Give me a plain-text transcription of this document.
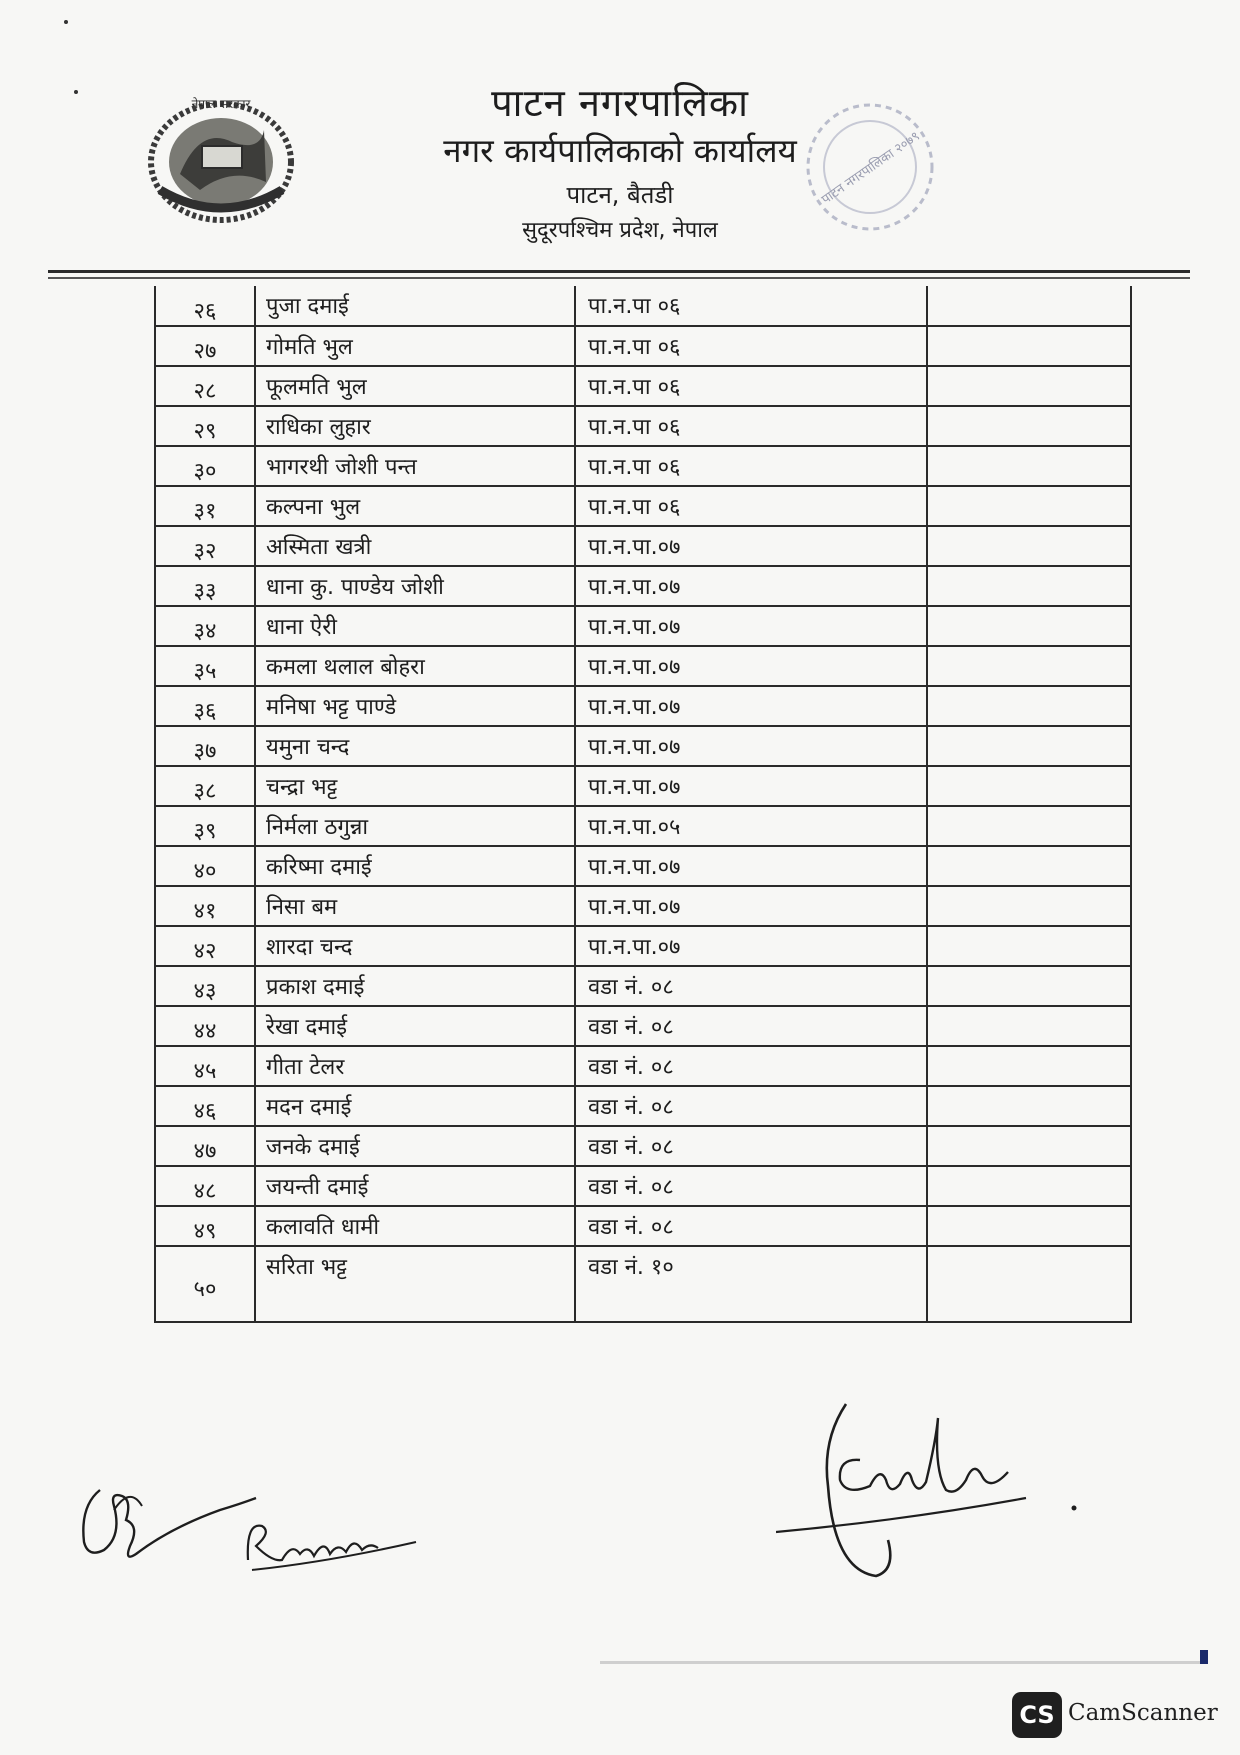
नेपाल सरकार	पाटन नगरपालिका
नगर कार्यपालिकाको कार्यालय
पाटन, बैतडी
सुदूरपश्चिम प्रदेश, नेपाल
पाटन नगरपालिका २०७९
२६	पुजा दमाई	पा.न.पा ०६	
२७	गोमति भुल	पा.न.पा ०६	
२८	फूलमति भुल	पा.न.पा ०६	
२९	राधिका लुहार	पा.न.पा ०६	
३०	भागरथी जोशी पन्त	पा.न.पा ०६	
३१	कल्पना भुल	पा.न.पा ०६	
३२	अस्मिता खत्री	पा.न.पा.०७	
३३	धाना कु. पाण्डेय जोशी	पा.न.पा.०७	
३४	धाना ऐरी	पा.न.पा.०७	
३५	कमला थलाल बोहरा	पा.न.पा.०७	
३६	मनिषा भट्ट पाण्डे	पा.न.पा.०७	
३७	यमुना चन्द	पा.न.पा.०७	
३८	चन्द्रा भट्ट	पा.न.पा.०७	
३९	निर्मला ठगुन्ना	पा.न.पा.०५	
४०	करिष्मा दमाई	पा.न.पा.०७	
४१	निसा बम	पा.न.पा.०७	
४२	शारदा चन्द	पा.न.पा.०७	
४३	प्रकाश दमाई	वडा नं. ०८	
४४	रेखा दमाई	वडा नं. ०८	
४५	गीता टेलर	वडा नं. ०८	
४६	मदन दमाई	वडा नं. ०८	
४७	जनके दमाई	वडा नं. ०८	
४८	जयन्ती दमाई	वडा नं. ०८	
४९	कलावति धामी	वडा नं. ०८	
५०	सरिता भट्ट	वडा नं. १०	
Ramita
CS CamScanner
